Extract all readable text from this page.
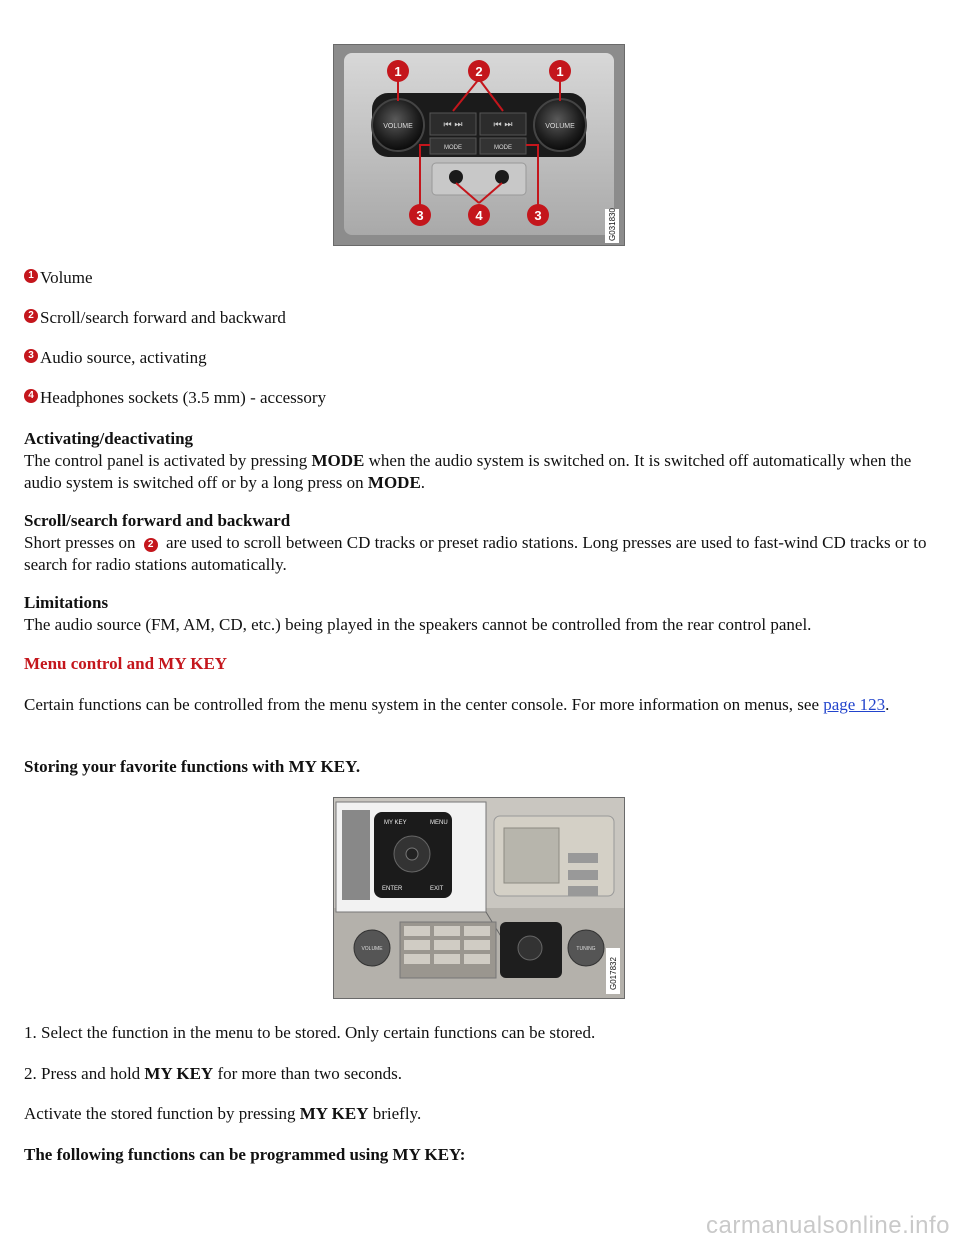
VOLUME	VOLUME
⏮ ⏭	⏮ ⏭
MODE	MODE
1	2	1
3	4	3	G031830
1 Volume
2 Scroll/search forward and backward
3 Audio source, activating
4 Headphones sockets (3.5 mm) - accessory
Activating/deactivating
The control panel is activated by pressing MODE when the audio system is switched on. It is switched off automatically when the audio system is switched off or by a long press on MODE.
Scroll/search forward and backward
Short presses on 2 are used to scroll between CD tracks or preset radio stations. Long presses are used to fast-wind CD tracks or to search for radio stations automatically.
Limitations
The audio source (FM, AM, CD, etc.) being played in the speakers cannot be controlled from the rear control panel.
Menu control and MY KEY
Certain functions can be controlled from the menu system in the center console. For more information on menus, see page 123.
Storing your favorite functions with MY KEY.
MY KEY	MENU
ENTER	EXIT
VOLUME	TUNING
G017832
1. Select the function in the menu to be stored. Only certain functions can be stored.
2. Press and hold MY KEY for more than two seconds.
Activate the stored function by pressing MY KEY briefly.
The following functions can be programmed using MY KEY:
carmanualsonline.info
